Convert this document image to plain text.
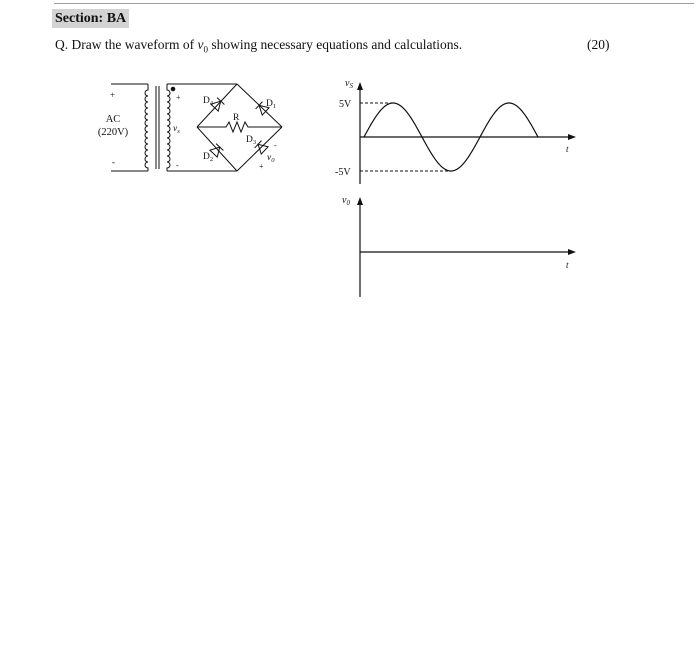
Section: BA
Q. Draw the waveform of $v_0$ showing necessary equations and calculations.	(20)
+
-
AC
(220V)
+
-
$v_s$
$D_4$	$D_1$
$D_2$
$D_3$
R
-
+
$v_0$
$v_S$
5V
-5V
t
$v_0$
t
